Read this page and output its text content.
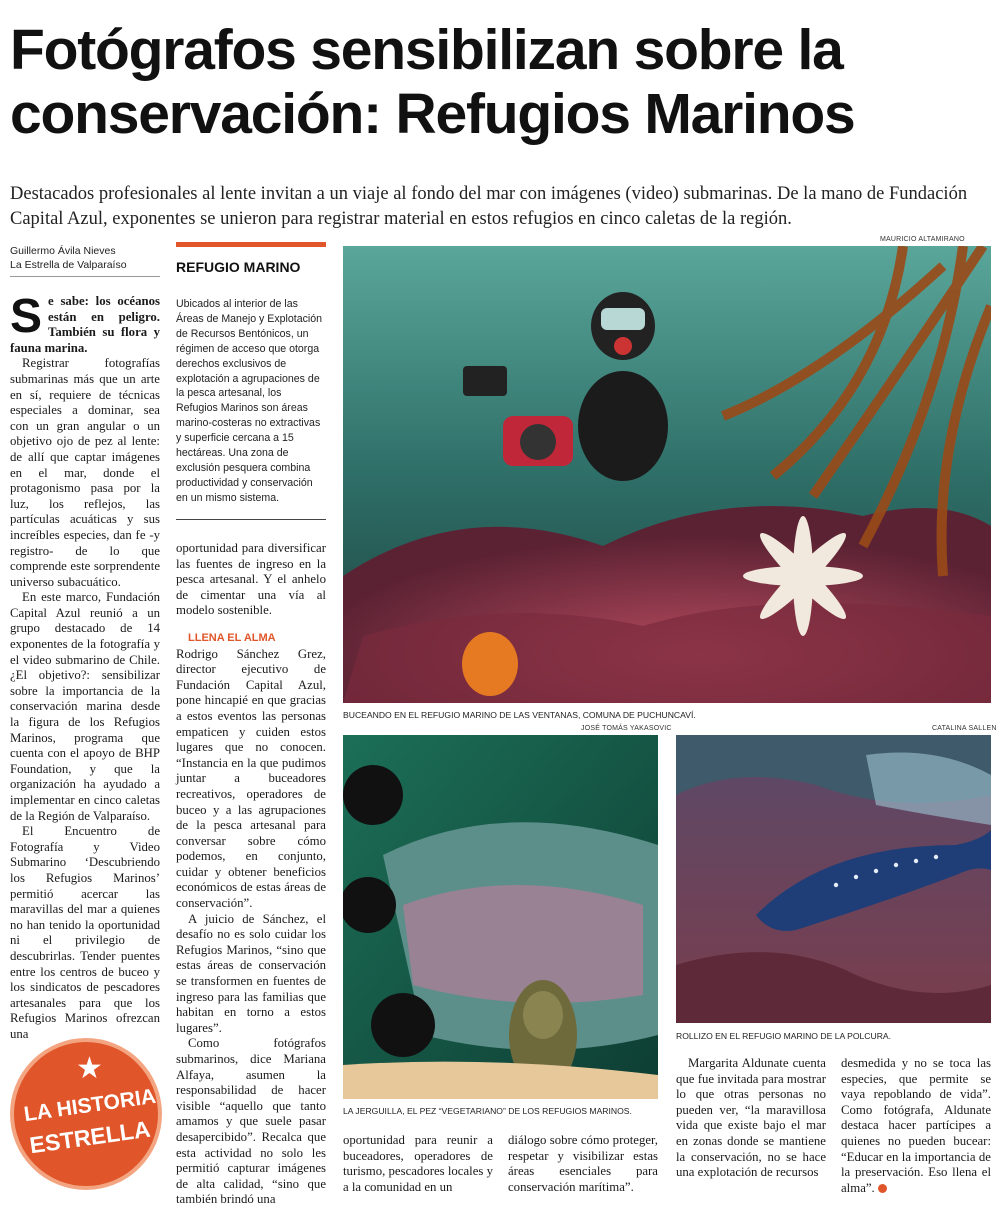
Fotógrafos sensibilizan sobre la conservación: Refugios Marinos

Destacados profesionales al lente invitan a un viaje al fondo del mar con imágenes (video) submarinas. De la mano de Fundación Capital Azul, exponentes se unieron para registrar material en estos refugios en cinco caletas de la región.

Guillermo Ávila Nieves
La Estrella de Valparaíso

Se sabe: los océanos están en peligro. También su flora y fauna marina.

Registrar fotografías submarinas más que un arte en sí, requiere de técnicas especiales a dominar, sea con un gran angular o un objetivo ojo de pez al lente: de allí que captar imágenes en el mar, donde el protagonismo pasa por la luz, los reflejos, las partículas acuáticas y sus increíbles especies, dan fe -y registro- de lo que comprende este sorprendente universo subacuático.

En este marco, Fundación Capital Azul reunió a un grupo destacado de 14 exponentes de la fotografía y el video submarino de Chile. ¿El objetivo?: sensibilizar sobre la importancia de la conservación marina desde la figura de los Refugios Marinos, programa que cuenta con el apoyo de BHP Foundation, y que la organización ha ayudado a implementar en cinco caletas de la Región de Valparaíso.

El Encuentro de Fotografía y Video Submarino ‘Descubriendo los Refugios Marinos’ permitió acercar las maravillas del mar a quienes no han tenido la oportunidad ni el privilegio de descubrirlas. Tender puentes entre los centros de buceo y los sindicatos de pescadores artesanales para que los Refugios Marinos ofrezcan una

REFUGIO MARINO
Ubicados al interior de las Áreas de Manejo y Explotación de Recursos Bentónicos, un régimen de acceso que otorga derechos exclusivos de explotación a agrupaciones de la pesca artesanal, los Refugios Marinos son áreas marino-costeras no extractivas y superficie cercana a 15 hectáreas. Una zona de exclusión pesquera combina productividad y conservación en un mismo sistema.

oportunidad para diversificar las fuentes de ingreso en la pesca artesanal. Y el anhelo de cimentar una vía al modelo sostenible.

LLENA EL ALMA

Rodrigo Sánchez Grez, director ejecutivo de Fundación Capital Azul, pone hincapié en que gracias a estos eventos las personas empaticen y cuiden estos lugares que no conocen. “Instancia en la que pudimos juntar a buceadores recreativos, operadores de buceo y a las agrupaciones de la pesca artesanal para conversar sobre cómo podemos, en conjunto, cuidar y obtener beneficios económicos de estas áreas de conservación”.

A juicio de Sánchez, el desafío no es solo cuidar los Refugios Marinos, “sino que estas áreas de conservación se transformen en fuentes de ingreso para las familias que habitan en torno a estos lugares”.

Como fotógrafos submarinos, dice Mariana Alfaya, asumen la responsabilidad de hacer visible “aquello que tanto amamos y que suele pasar desapercibido”. Recalca que esta actividad no solo les permitió capturar imágenes de alta calidad, “sino que también brindó una

MAURICIO ALTAMIRANO
BUCEANDO EN EL REFUGIO MARINO DE LAS VENTANAS, COMUNA DE PUCHUNCAVÍ.
JOSÉ TOMÁS YAKASOVIC
LA JERGUILLA, EL PEZ “VEGETARIANO” DE LOS REFUGIOS MARINOS.
CATALINA SALLEN
ROLLIZO EN EL REFUGIO MARINO DE LA POLCURA.

oportunidad para reunir a buceadores, operadores de turismo, pescadores locales y a la comunidad en un

diálogo sobre cómo proteger, respetar y visibilizar estas áreas esenciales para conservación marítima”.

Margarita Aldunate cuenta que fue invitada para mostrar lo que otras personas no pueden ver, “la maravillosa vida que existe bajo el mar en zonas donde se mantiene la conservación, no se hace una explotación de recursos

desmedida y no se toca las especies, que permite se vaya repoblando de vida”. Como fotógrafa, Aldunate destaca hacer partícipes a quienes no pueden bucear: “Educar en la importancia de la preservación. Eso llena el alma”.

★
LA HISTORIA
ESTRELLA
